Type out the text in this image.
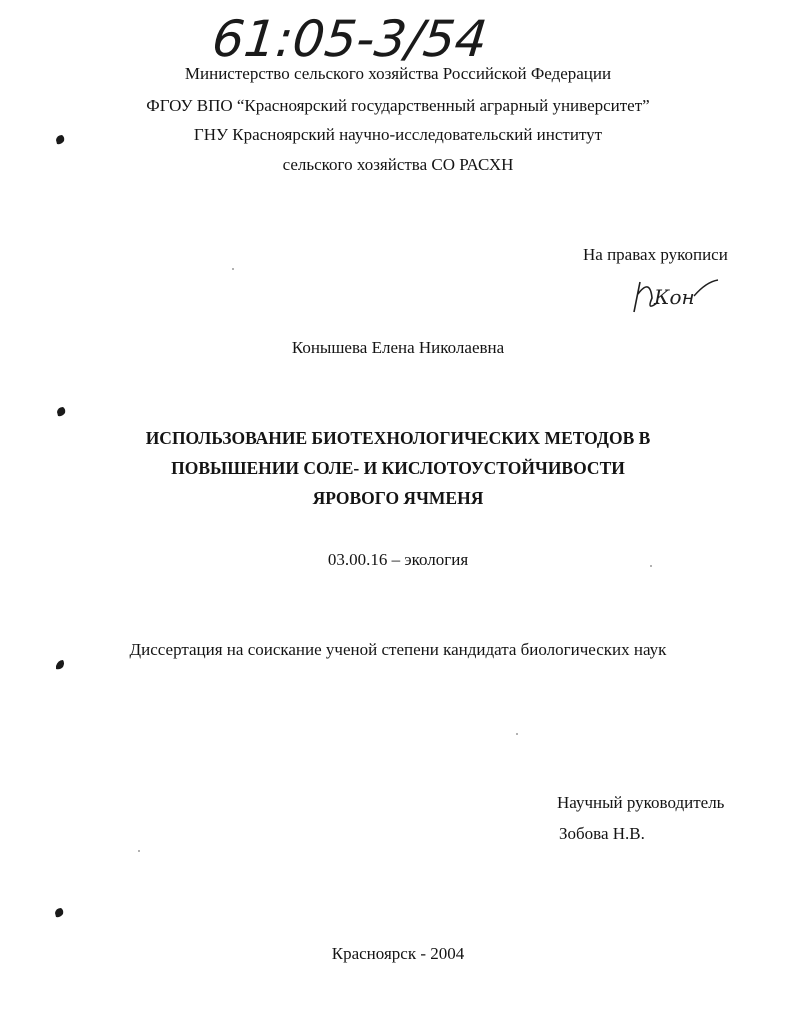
61:05-3/54
Министерство сельского хозяйства Российской Федерации
ФГОУ ВПО “Красноярский государственный аграрный университет”
ГНУ Красноярский научно-исследовательский институт
сельского хозяйства СО РАСХН
На правах рукописи
Кон
Конышева Елена Николаевна
ИСПОЛЬЗОВАНИЕ БИОТЕХНОЛОГИЧЕСКИХ МЕТОДОВ В
ПОВЫШЕНИИ СОЛЕ- И КИСЛОТОУСТОЙЧИВОСТИ
ЯРОВОГО ЯЧМЕНЯ
03.00.16 – экология
Диссертация на соискание ученой степени кандидата биологических наук
Научный руководитель
Зобова Н.В.
Красноярск - 2004
